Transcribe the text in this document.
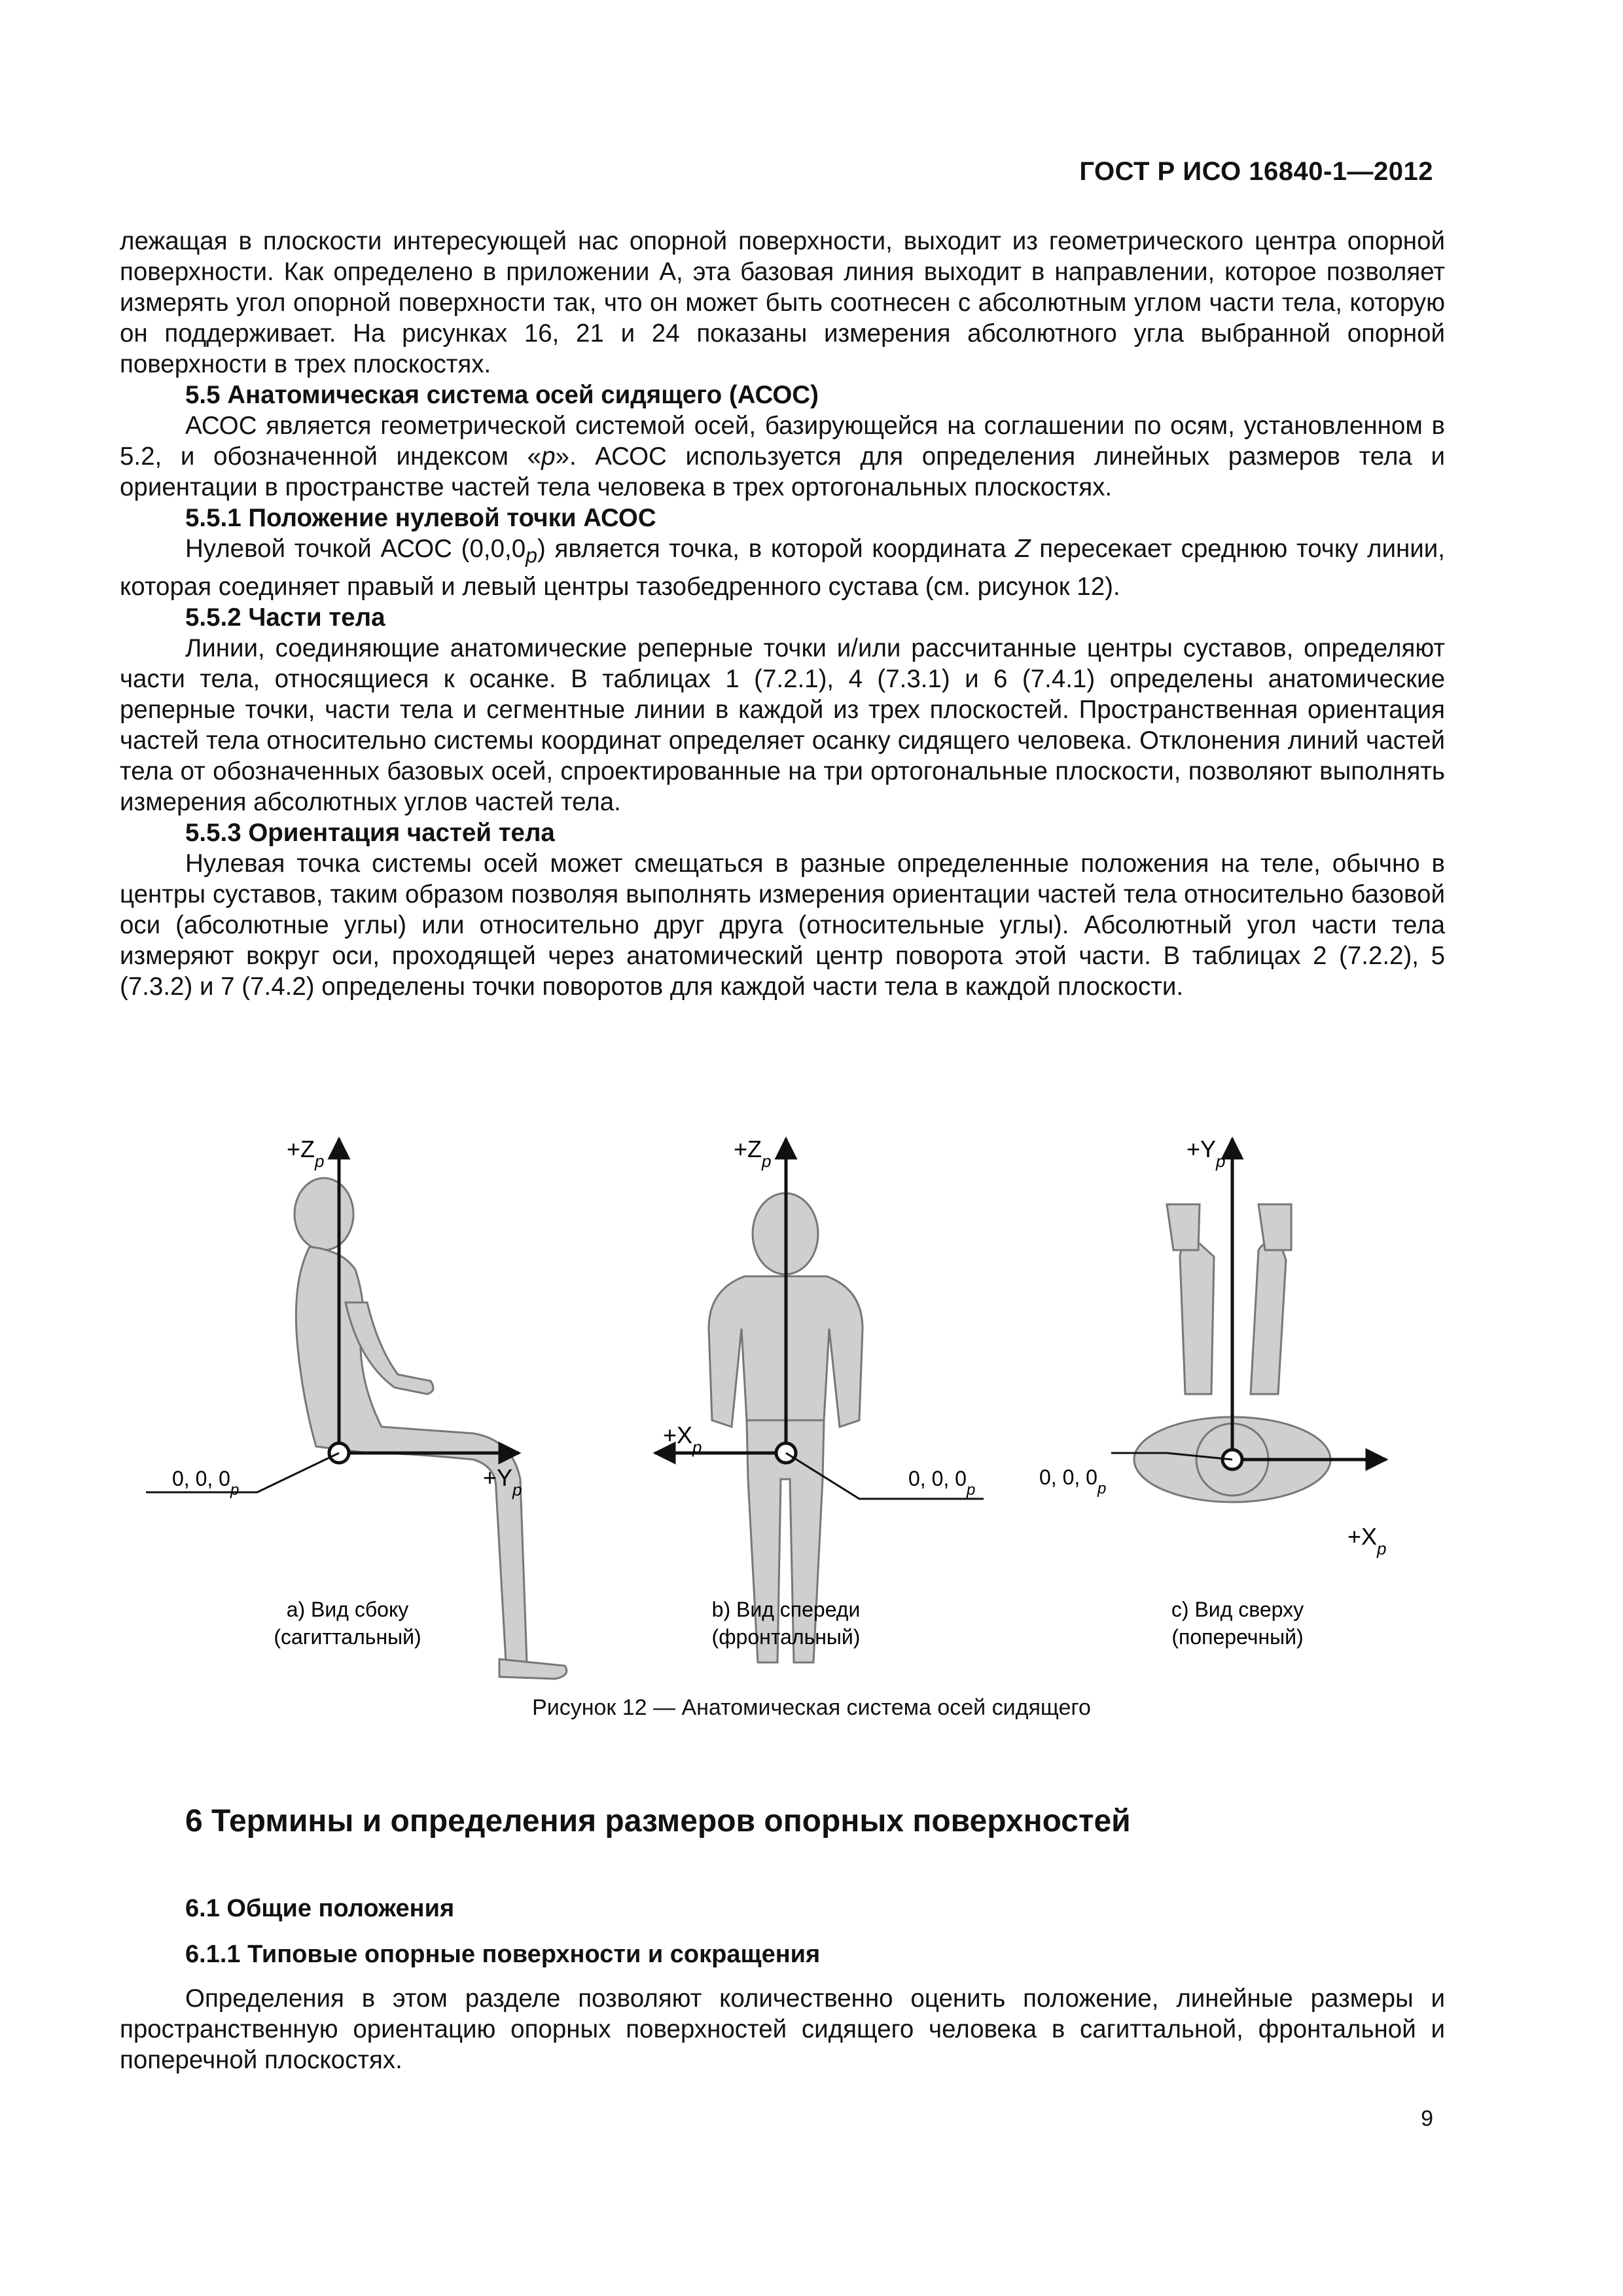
ГОСТ Р ИСО 16840-1—2012

лежащая в плоскости интересующей нас опорной поверхности, выходит из геометрического центра опорной поверхности. Как определено в приложении А, эта базовая линия выходит в направлении, которое позволяет измерять угол опорной поверхности так, что он может быть соотнесен с абсолютным углом части тела, которую он поддерживает. На рисунках 16, 21 и 24 показаны измерения абсолютного угла выбранной опорной поверхности в трех плоскостях.

5.5 Анатомическая система осей сидящего (АСОС)

АСОС является геометрической системой осей, базирующейся на соглашении по осям, установленном в 5.2, и обозначенной индексом «p». АСОС используется для определения линейных размеров тела и ориентации в пространстве частей тела человека в трех ортогональных плоскостях.

5.5.1 Положение нулевой точки АСОС

Нулевой точкой АСОС $(0,0,0_p)$ является точка, в которой координата Z пересекает среднюю точку линии, которая соединяет правый и левый центры тазобедренного сустава (см. рисунок 12).

5.5.2 Части тела

Линии, соединяющие анатомические реперные точки и/или рассчитанные центры суставов, определяют части тела, относящиеся к осанке. В таблицах 1 (7.2.1), 4 (7.3.1) и 6 (7.4.1) определены анатомические реперные точки, части тела и сегментные линии в каждой из трех плоскостей. Пространственная ориентация частей тела относительно системы координат определяет осанку сидящего человека. Отклонения линий частей тела от обозначенных базовых осей, спроектированные на три ортогональные плоскости, позволяют выполнять измерения абсолютных углов частей тела.

5.5.3 Ориентация частей тела

Нулевая точка системы осей может смещаться в разные определенные положения на теле, обычно в центры суставов, таким образом позволяя выполнять измерения ориентации частей тела относительно базовой оси (абсолютные углы) или относительно друг друга (относительные углы). Абсолютный угол части тела измеряют вокруг оси, проходящей через анатомический центр поворота этой части. В таблицах 2 (7.2.2), 5 (7.3.2) и 7 (7.4.2) определены точки поворотов для каждой части тела в каждой плоскости.

$+Z_p$
$+Y_p$
0, 0, $0_p$
a) Вид сбоку
(сагиттальный)
$+Z_p$
$+X_p$
0, 0, $0_p$
b) Вид спереди
(фронтальный)
$+Y_p$
$+X_p$
0, 0, $0_p$
c) Вид сверху
(поперечный)
Рисунок 12 — Анатомическая система осей сидящего
6 Термины и определения размеров опорных поверхностей
6.1 Общие положения
6.1.1 Типовые опорные поверхности и сокращения

Определения в этом разделе позволяют количественно оценить положение, линейные размеры и пространственную ориентацию опорных поверхностей сидящего человека в сагиттальной, фронтальной и поперечной плоскостях.

9
